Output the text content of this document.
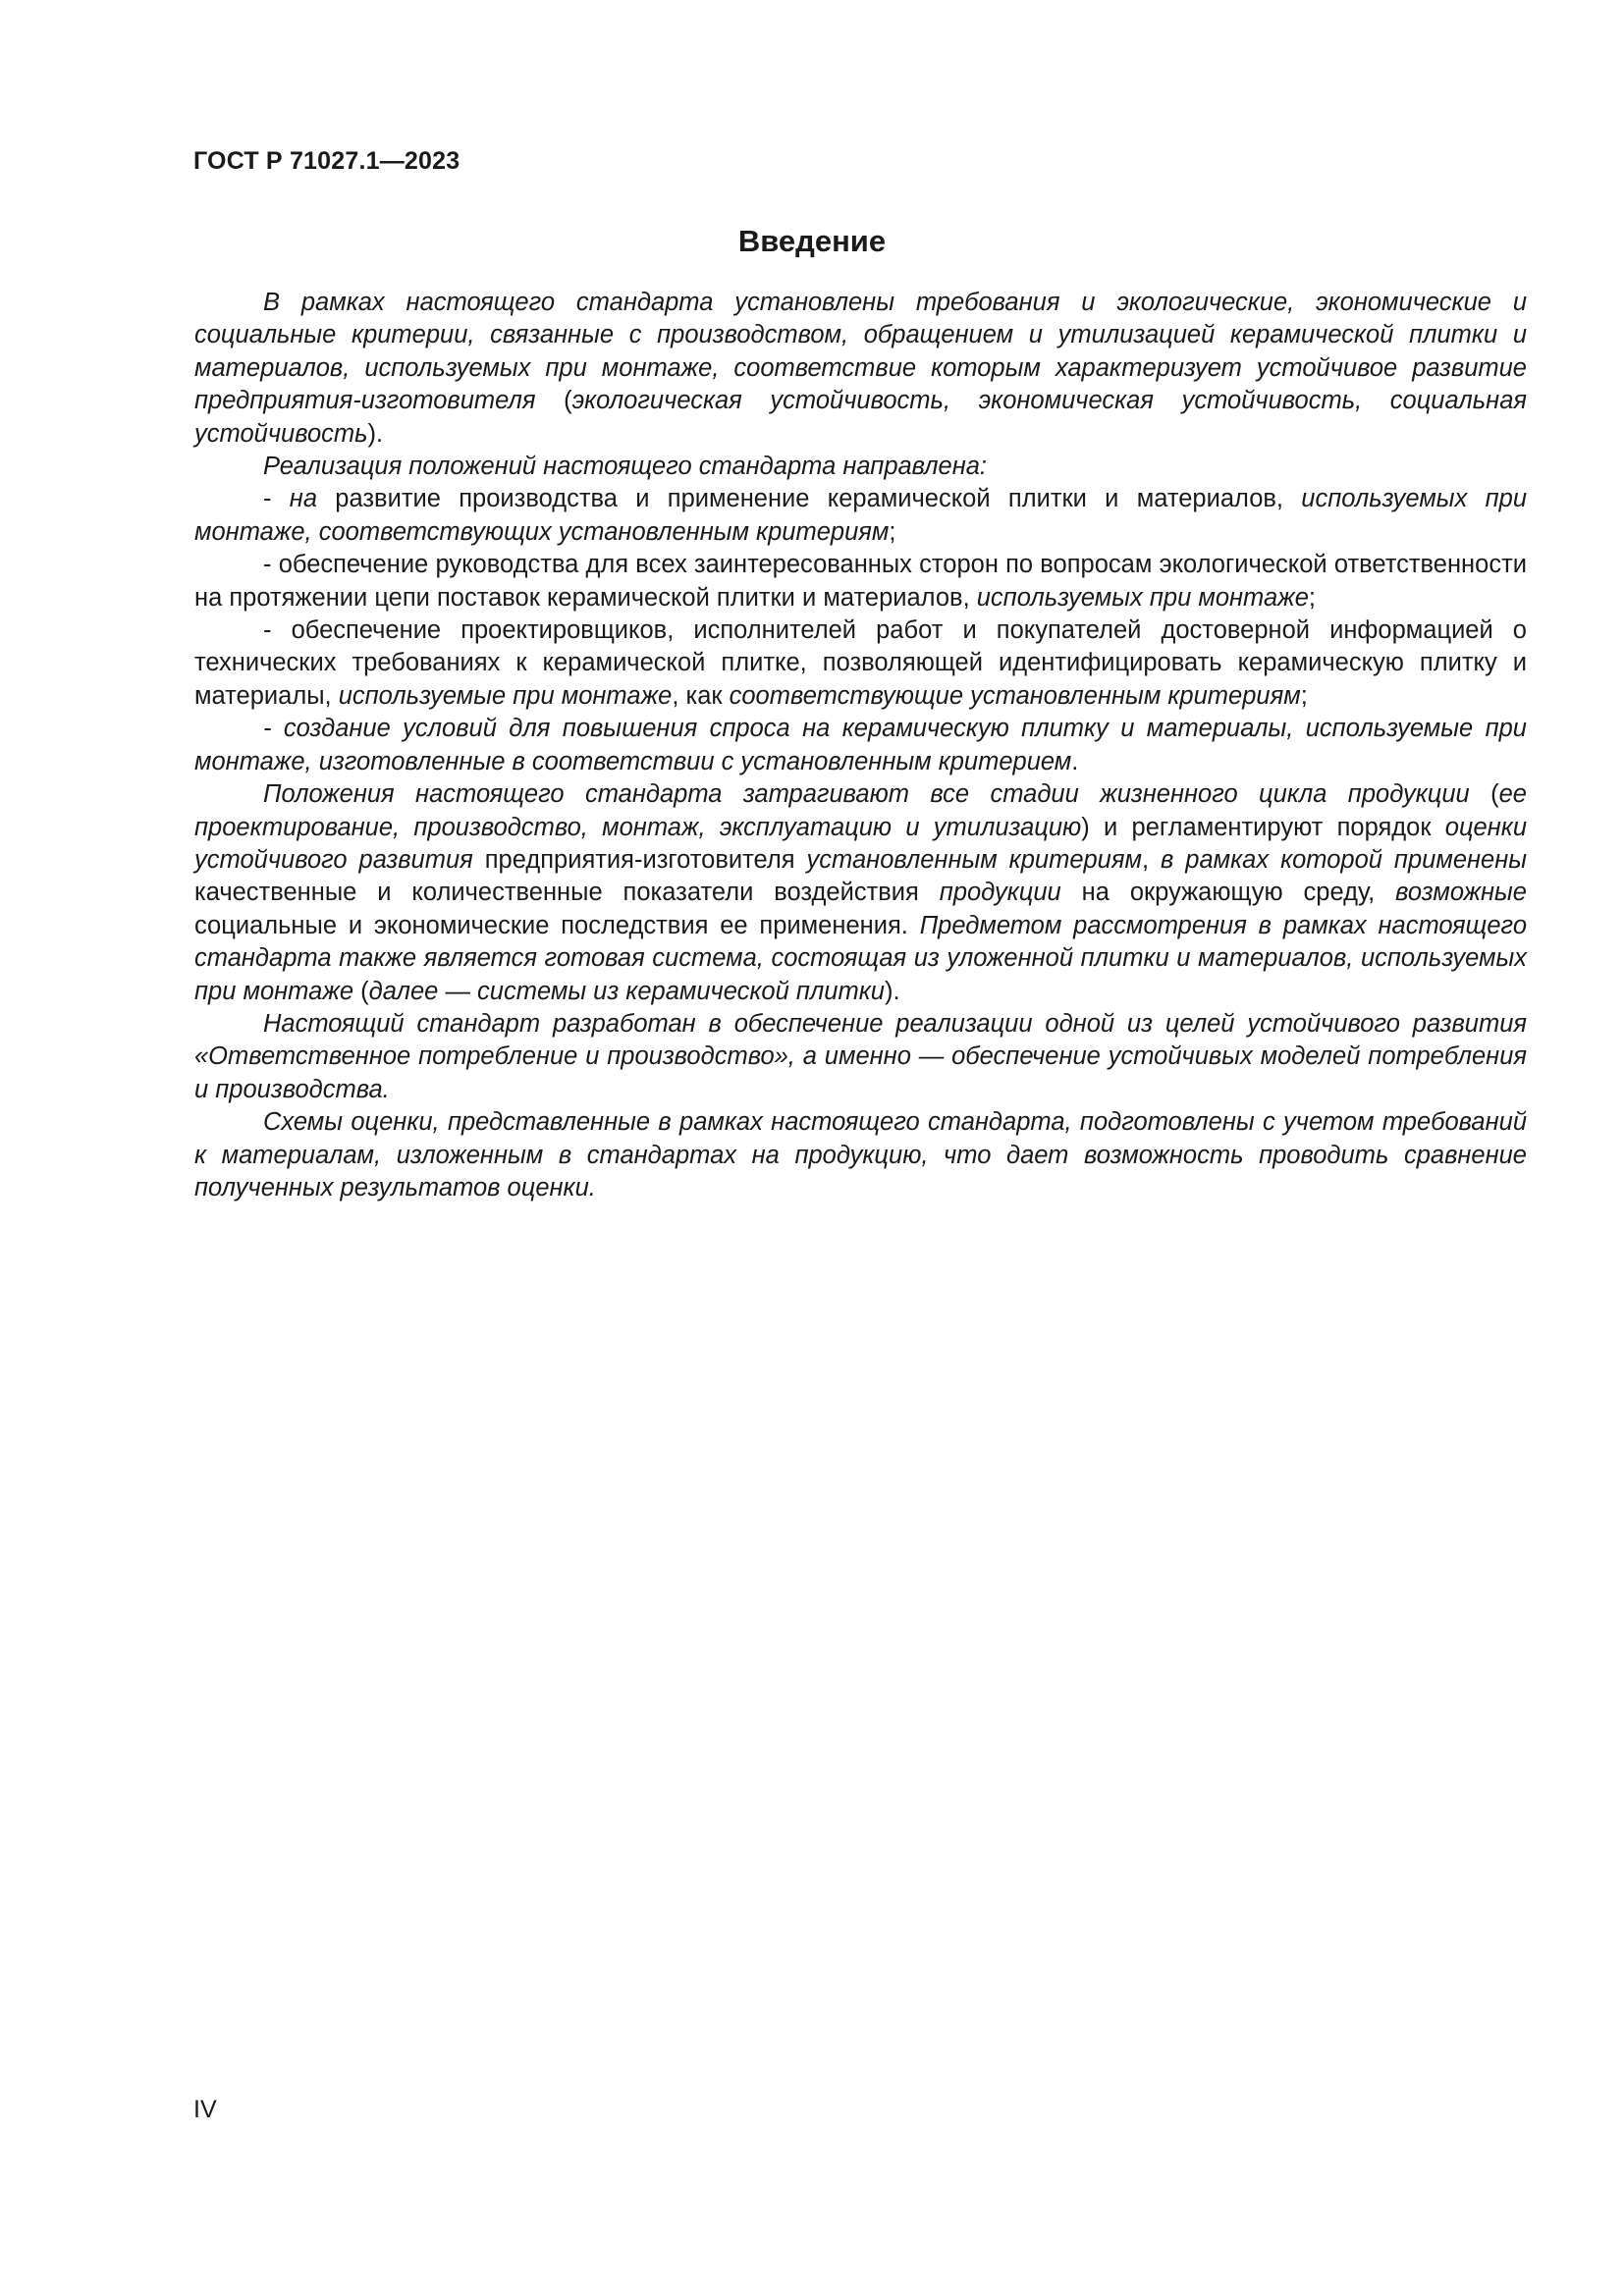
ГОСТ Р 71027.1—2023
Введение

В рамках настоящего стандарта установлены требования и экологические, экономические и социальные критерии, связанные с производством, обращением и утилизацией керамической плитки и материалов, используемых при монтаже, соответствие которым характеризует устойчивое развитие предприятия-изготовителя (экологическая устойчивость, экономическая устойчивость, социальная устойчивость).

Реализация положений настоящего стандарта направлена:

- на развитие производства и применение керамической плитки и материалов, используемых при монтаже, соответствующих установленным критериям;

- обеспечение руководства для всех заинтересованных сторон по вопросам экологической ответственности на протяжении цепи поставок керамической плитки и материалов, используемых при монтаже;

- обеспечение проектировщиков, исполнителей работ и покупателей достоверной информацией о технических требованиях к керамической плитке, позволяющей идентифицировать керамическую плитку и материалы, используемые при монтаже, как соответствующие установленным критериям;

- создание условий для повышения спроса на керамическую плитку и материалы, используемые при монтаже, изготовленные в соответствии с установленным критерием.

Положения настоящего стандарта затрагивают все стадии жизненного цикла продукции (ее проектирование, производство, монтаж, эксплуатацию и утилизацию) и регламентируют порядок оценки устойчивого развития предприятия-изготовителя установленным критериям, в рамках которой применены качественные и количественные показатели воздействия продукции на окружающую среду, возможные социальные и экономические последствия ее применения. Предметом рассмотрения в рамках настоящего стандарта также является готовая система, состоящая из уложенной плитки и материалов, используемых при монтаже (далее — системы из керамической плитки).

Настоящий стандарт разработан в обеспечение реализации одной из целей устойчивого развития «Ответственное потребление и производство», а именно — обеспечение устойчивых моделей потребления и производства.

Схемы оценки, представленные в рамках настоящего стандарта, подготовлены с учетом требований к материалам, изложенным в стандартах на продукцию, что дает возможность проводить сравнение полученных результатов оценки.

IV
